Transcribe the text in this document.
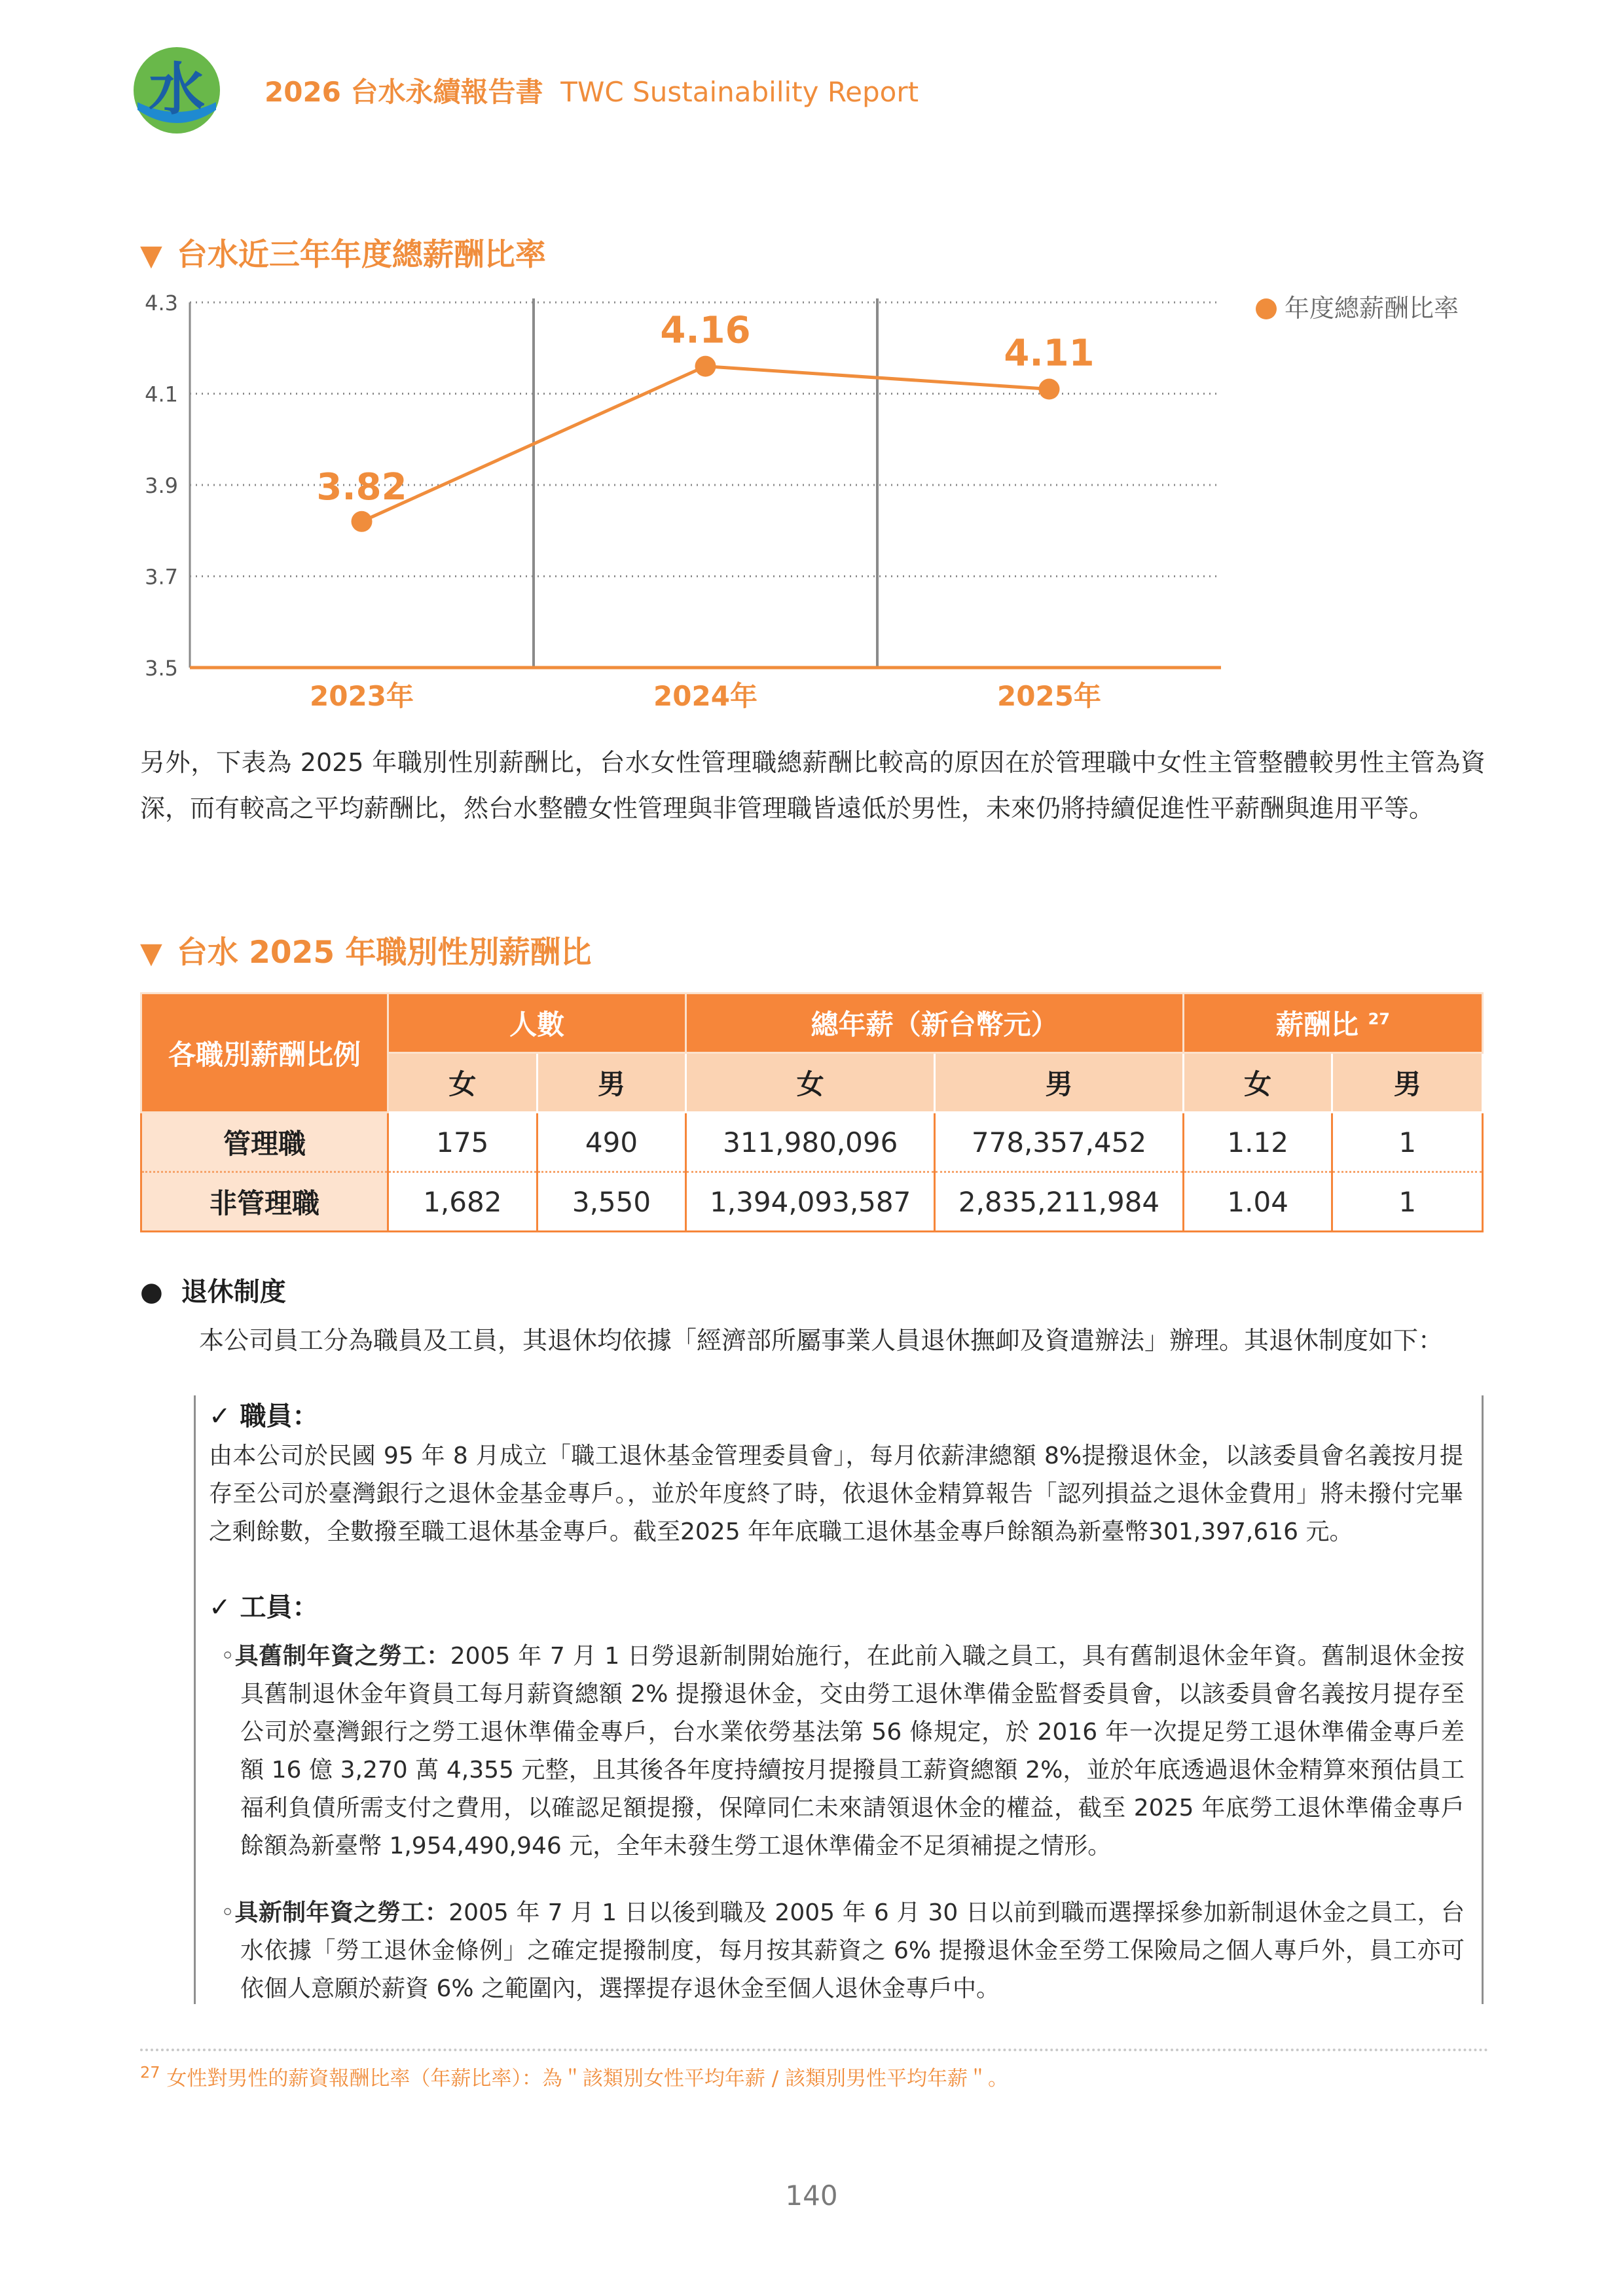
水 2026 台水永續報告書 TWC Sustainability Report
▼ 台水近三年年度總薪酬比率
4.3
4.1
3.9
3.7
3.5
2023年	2024年	2025年
3.82
4.16
4.11
年度總薪酬比率
另外，下表為 2025 年職別性別薪酬比，台水女性管理職總薪酬比較高的原因在於管理職中女性主管整體較男性主管為資深，而有較高之平均薪酬比，然台水整體女性管理與非管理職皆遠低於男性，未來仍將持續促進性平薪酬與進用平等。
▼ 台水 2025 年職別性別薪酬比
各職別薪酬比例	人數		總年薪（新台幣元）		薪酬比 $^{27}$
	女	男	女	男	女	男
管理職	175	490	311,980,096	778,357,452	1.12	1
非管理職	1,682	3,550	1,394,093,587	2,835,211,984	1.04	1
● 退休制度
本公司員工分為職員及工員，其退休均依據「經濟部所屬事業人員退休撫卹及資遣辦法」辦理。其退休制度如下：
✓ 職員：
由本公司於民國 95 年 8 月成立「職工退休基金管理委員會」，每月依薪津總額 8%提撥退休金，以該委員會名義按月提存至公司於臺灣銀行之退休金基金專戶。，並於年度終了時，依退休金精算報告「認列損益之退休金費用」將未撥付完畢之剩餘數，全數撥至職工退休基金專戶。截至2025 年年底職工退休基金專戶餘額為新臺幣301,397,616 元。
✓ 工員：
◦具舊制年資之勞工：2005 年 7 月 1 日勞退新制開始施行，在此前入職之員工，具有舊制退休金年資。舊制退休金按具舊制退休金年資員工每月薪資總額 2% 提撥退休金，交由勞工退休準備金監督委員會，以該委員會名義按月提存至公司於臺灣銀行之勞工退休準備金專戶，台水業依勞基法第 56 條規定，於 2016 年一次提足勞工退休準備金專戶差額 16 億 3,270 萬 4,355 元整，且其後各年度持續按月提撥員工薪資總額 2%，並於年底透過退休金精算來預估員工福利負債所需支付之費用，以確認足額提撥，保障同仁未來請領退休金的權益，截至 2025 年底勞工退休準備金專戶餘額為新臺幣 1,954,490,946 元，全年未發生勞工退休準備金不足須補提之情形。
◦具新制年資之勞工：2005 年 7 月 1 日以後到職及 2005 年 6 月 30 日以前到職而選擇採參加新制退休金之員工，台水依據「勞工退休金條例」之確定提撥制度，每月按其薪資之 6% 提撥退休金至勞工保險局之個人專戶外，員工亦可依個人意願於薪資 6% 之範圍內，選擇提存退休金至個人退休金專戶中。
$^{27}$ 女性對男性的薪資報酬比率（年薪比率）：為＂該類別女性平均年薪 / 該類別男性平均年薪＂。
140
